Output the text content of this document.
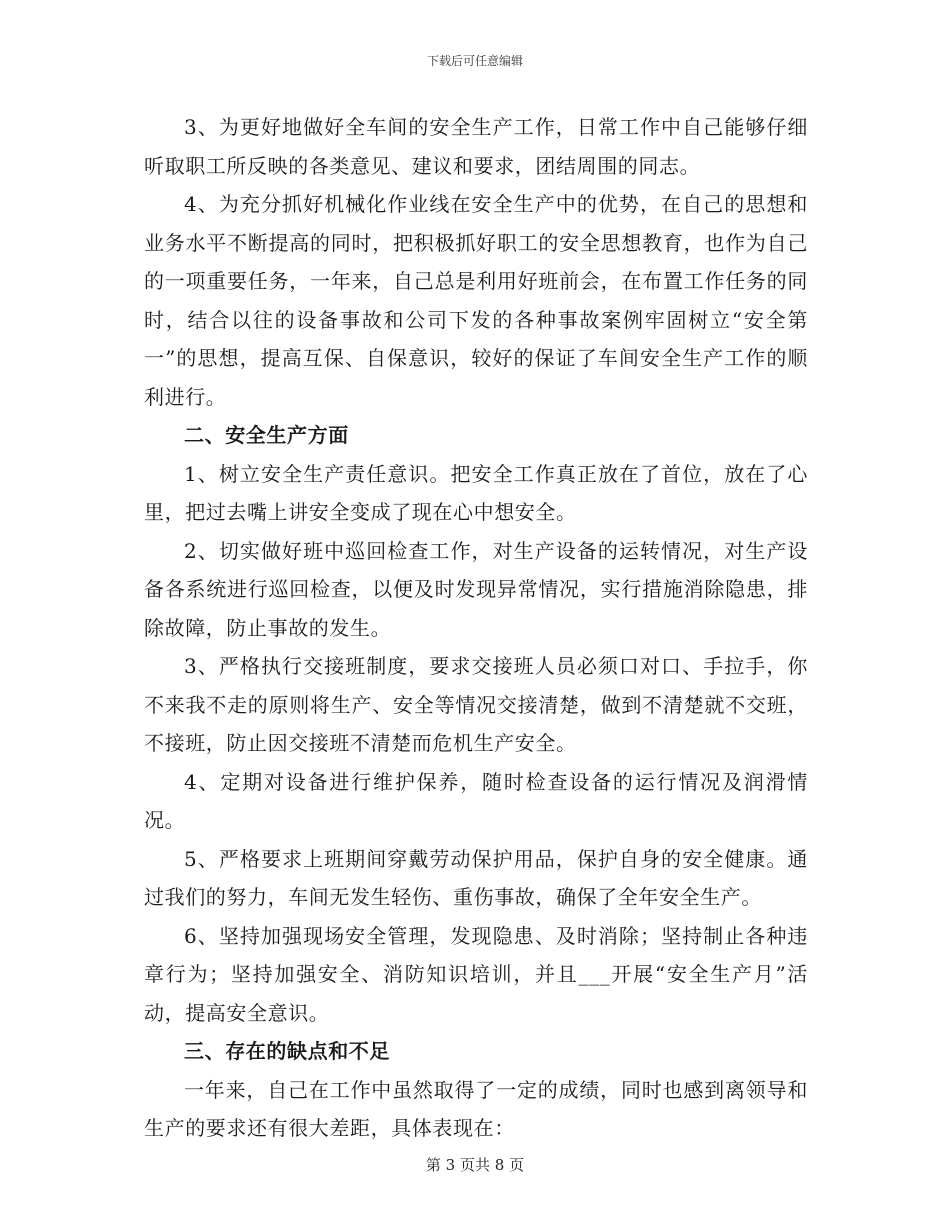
下载后可任意编辑

3、为更好地做好全车间的安全生产工作，日常工作中自己能够仔细听取职工所反映的各类意见、建议和要求，团结周围的同志。

4、为充分抓好机械化作业线在安全生产中的优势，在自己的思想和业务水平不断提高的同时，把积极抓好职工的安全思想教育，也作为自己的一项重要任务，一年来，自己总是利用好班前会，在布置工作任务的同时，结合以往的设备事故和公司下发的各种事故案例牢固树立“安全第一”的思想，提高互保、自保意识，较好的保证了车间安全生产工作的顺利进行。

二、安全生产方面

1、树立安全生产责任意识。把安全工作真正放在了首位，放在了心里，把过去嘴上讲安全变成了现在心中想安全。

2、切实做好班中巡回检查工作，对生产设备的运转情况，对生产设备各系统进行巡回检查，以便及时发现异常情况，实行措施消除隐患，排除故障，防止事故的发生。

3、严格执行交接班制度，要求交接班人员必须口对口、手拉手，你不来我不走的原则将生产、安全等情况交接清楚，做到不清楚就不交班，不接班，防止因交接班不清楚而危机生产安全。

4、定期对设备进行维护保养，随时检查设备的运行情况及润滑情况。

5、严格要求上班期间穿戴劳动保护用品，保护自身的安全健康。通过我们的努力，车间无发生轻伤、重伤事故，确保了全年安全生产。

6、坚持加强现场安全管理，发现隐患、及时消除；坚持制止各种违章行为；坚持加强安全、消防知识培训，并且___开展“安全生产月”活动，提高安全意识。

三、存在的缺点和不足

一年来，自己在工作中虽然取得了一定的成绩，同时也感到离领导和生产的要求还有很大差距，具体表现在：

第 3 页共 8 页
